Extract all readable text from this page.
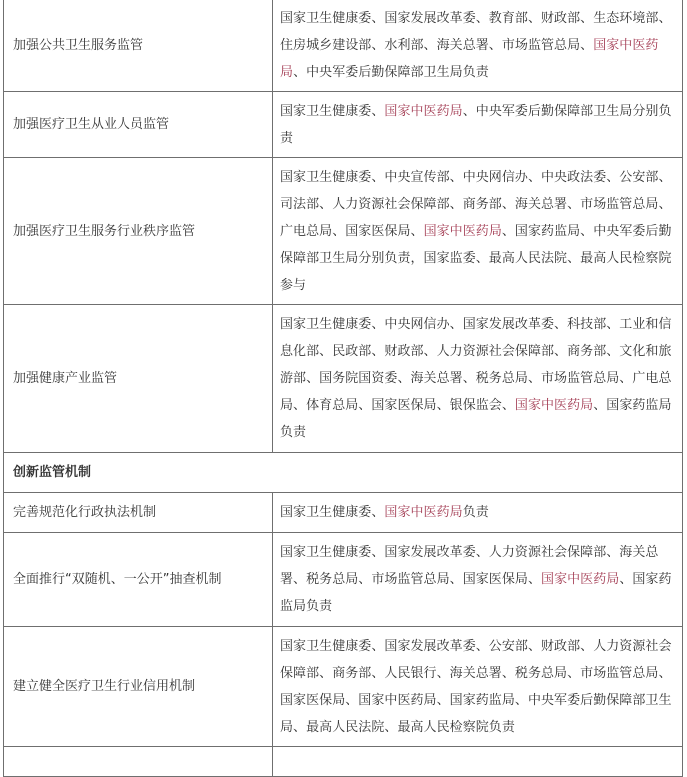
加强公共卫生服务监管	国家卫生健康委、国家发展改革委、教育部、财政部、生态环境部、住房城乡建设部、水利部、海关总署、市场监管总局、国家中医药局、中央军委后勤保障部卫生局负责
加强医疗卫生从业人员监管	国家卫生健康委、国家中医药局、中央军委后勤保障部卫生局分别负责
加强医疗卫生服务行业秩序监管	国家卫生健康委、中央宣传部、中央网信办、中央政法委、公安部、司法部、人力资源社会保障部、商务部、海关总署、市场监管总局、广电总局、国家医保局、国家中医药局、国家药监局、中央军委后勤保障部卫生局分别负责，国家监委、最高人民法院、最高人民检察院参与
加强健康产业监管	国家卫生健康委、中央网信办、国家发展改革委、科技部、工业和信息化部、民政部、财政部、人力资源社会保障部、商务部、文化和旅游部、国务院国资委、海关总署、税务总局、市场监管总局、广电总局、体育总局、国家医保局、银保监会、国家中医药局、国家药监局负责
创新监管机制	
完善规范化行政执法机制	国家卫生健康委、国家中医药局负责
全面推行“双随机、一公开”抽查机制	国家卫生健康委、国家发展改革委、人力资源社会保障部、海关总署、税务总局、市场监管总局、国家医保局、国家中医药局、国家药监局负责
建立健全医疗卫生行业信用机制	国家卫生健康委、国家发展改革委、公安部、财政部、人力资源社会保障部、商务部、人民银行、海关总署、税务总局、市场监管总局、国家医保局、国家中医药局、国家药监局、中央军委后勤保障部卫生局、最高人民法院、最高人民检察院负责
